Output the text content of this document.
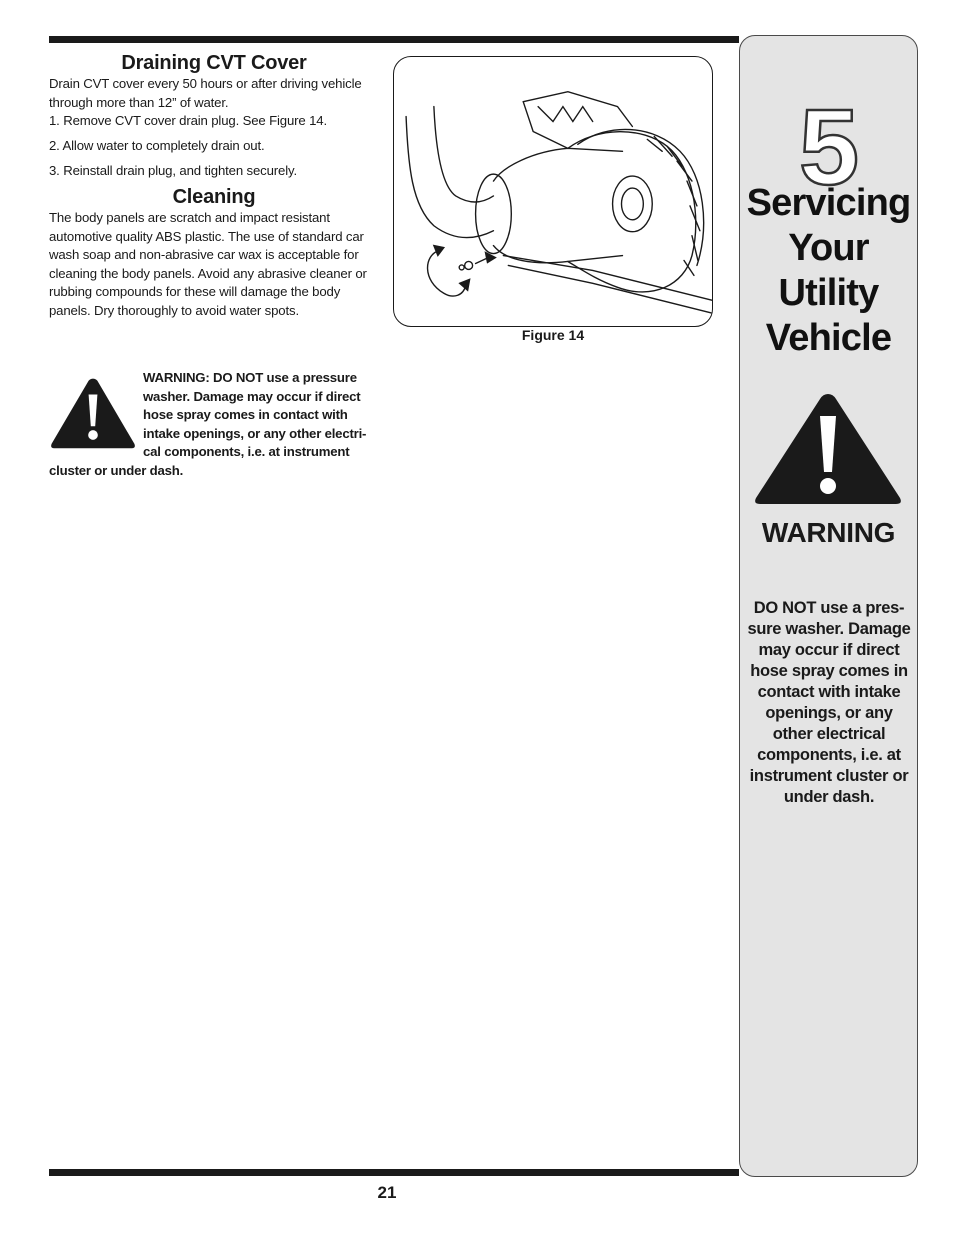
Draining CVT Cover

Drain CVT cover every 50 hours or after driving vehicle through more than 12” of water.

1. Remove CVT cover drain plug. See Figure 14.
2. Allow water to completely drain out.
3. Reinstall drain plug, and tighten securely.
Cleaning

The body panels are scratch and impact resistant automotive quality ABS plastic. The use of standard car wash soap and non-abrasive car wax is acceptable for cleaning the body panels. Avoid any abrasive cleaner or rubbing compounds for these will damage the body panels. Dry thoroughly to avoid water spots.

WARNING: DO NOT use a pressure washer. Damage may occur if direct hose spray comes in contact with intake openings, or any other electri-cal components, i.e. at instrument cluster or under dash.
Figure 14
5
Servicing
Your
Utility
Vehicle
WARNING
DO NOT use a pres-sure washer. Damage may occur if direct hose spray comes in contact with intake openings, or any other electrical components, i.e. at instrument cluster or under dash.
21
